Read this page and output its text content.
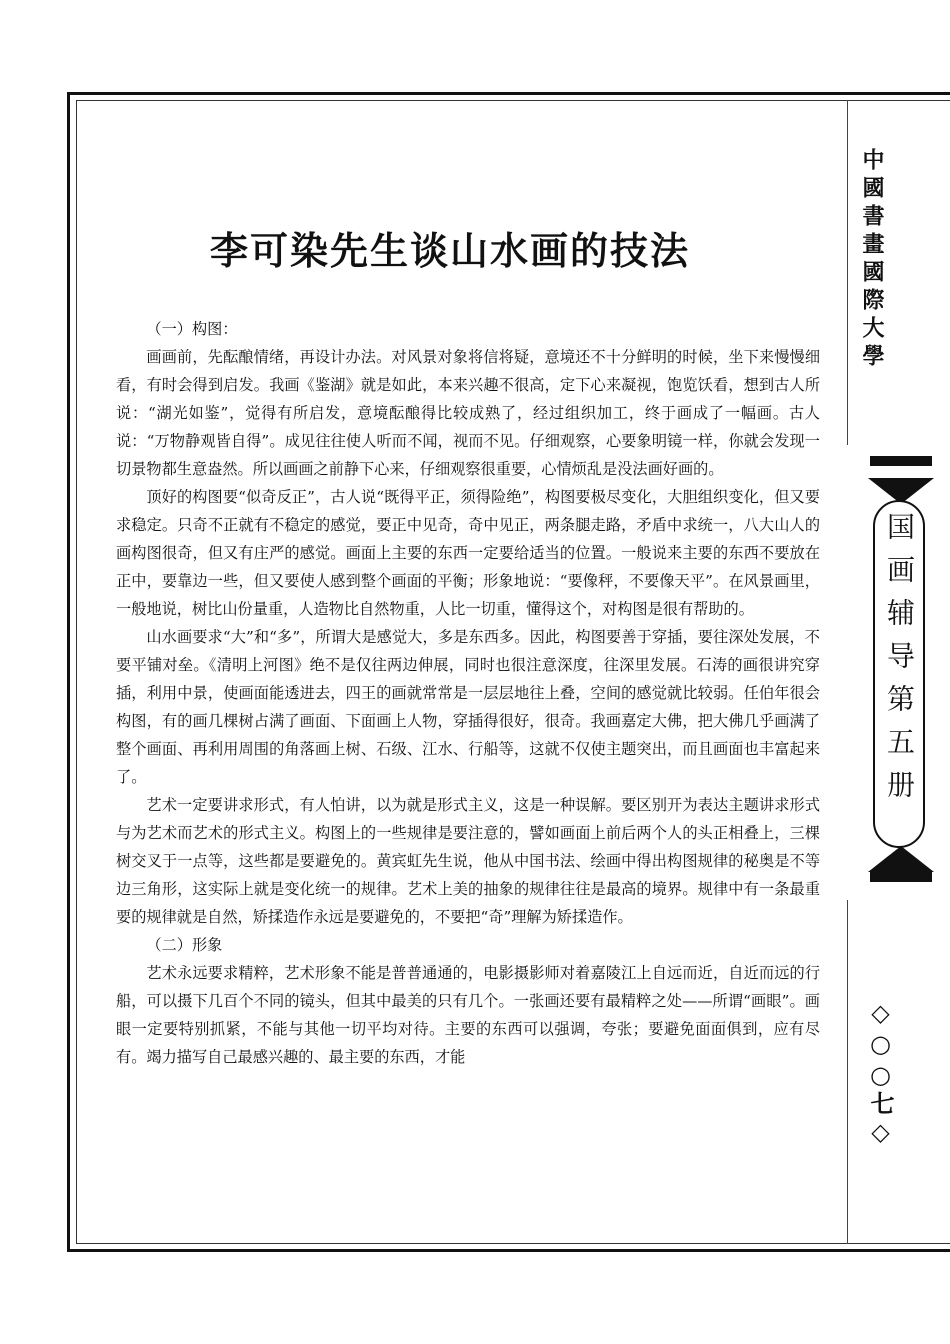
李可染先生谈山水画的技法

（一）构图：

画画前，先酝酿情绪，再设计办法。对风景对象将信将疑，意境还不十分鲜明的时候，坐下来慢慢细看，有时会得到启发。我画《鉴湖》就是如此，本来兴趣不很高，定下心来凝视，饱览饫看，想到古人所说：“湖光如鉴”，觉得有所启发，意境酝酿得比较成熟了，经过组织加工，终于画成了一幅画。古人说：“万物静观皆自得”。成见往往使人听而不闻，视而不见。仔细观察，心要象明镜一样，你就会发现一切景物都生意盎然。所以画画之前静下心来，仔细观察很重要，心情烦乱是没法画好画的。

顶好的构图要“似奇反正”，古人说“既得平正，须得险绝”，构图要极尽变化，大胆组织变化，但又要求稳定。只奇不正就有不稳定的感觉，要正中见奇，奇中见正，两条腿走路，矛盾中求统一，八大山人的画构图很奇，但又有庄严的感觉。画面上主要的东西一定要给适当的位置。一般说来主要的东西不要放在正中，要靠边一些，但又要使人感到整个画面的平衡；形象地说：“要像秤，不要像天平”。在风景画里，一般地说，树比山份量重，人造物比自然物重，人比一切重，懂得这个，对构图是很有帮助的。

山水画要求“大”和“多”，所谓大是感觉大，多是东西多。因此，构图要善于穿插，要往深处发展，不要平铺对垒。《清明上河图》绝不是仅往两边伸展，同时也很注意深度，往深里发展。石涛的画很讲究穿插，利用中景，使画面能透进去，四王的画就常常是一层层地往上叠，空间的感觉就比较弱。任伯年很会构图，有的画几棵树占满了画面、下面画上人物，穿插得很好，很奇。我画嘉定大佛，把大佛几乎画满了整个画面、再利用周围的角落画上树、石级、江水、行船等，这就不仅使主题突出，而且画面也丰富起来了。

艺术一定要讲求形式，有人怕讲，以为就是形式主义，这是一种误解。要区别开为表达主题讲求形式与为艺术而艺术的形式主义。构图上的一些规律是要注意的，譬如画面上前后两个人的头正相叠上，三棵树交叉于一点等，这些都是要避免的。黄宾虹先生说，他从中国书法、绘画中得出构图规律的秘奥是不等边三角形，这实际上就是变化统一的规律。艺术上美的抽象的规律往往是最高的境界。规律中有一条最重要的规律就是自然，矫揉造作永远是要避免的，不要把“奇”理解为矫揉造作。

（二）形象

艺术永远要求精粹，艺术形象不能是普普通通的，电影摄影师对着嘉陵江上自远而近，自近而远的行船，可以摄下几百个不同的镜头，但其中最美的只有几个。一张画还要有最精粹之处——所谓“画眼”。画眼一定要特别抓紧，不能与其他一切平均对待。主要的东西可以强调，夸张；要避免面面俱到，应有尽有。竭力描写自己最感兴趣的、最主要的东西，才能

中國書畫國際大學
国画辅导第五册
◇○○七◇
